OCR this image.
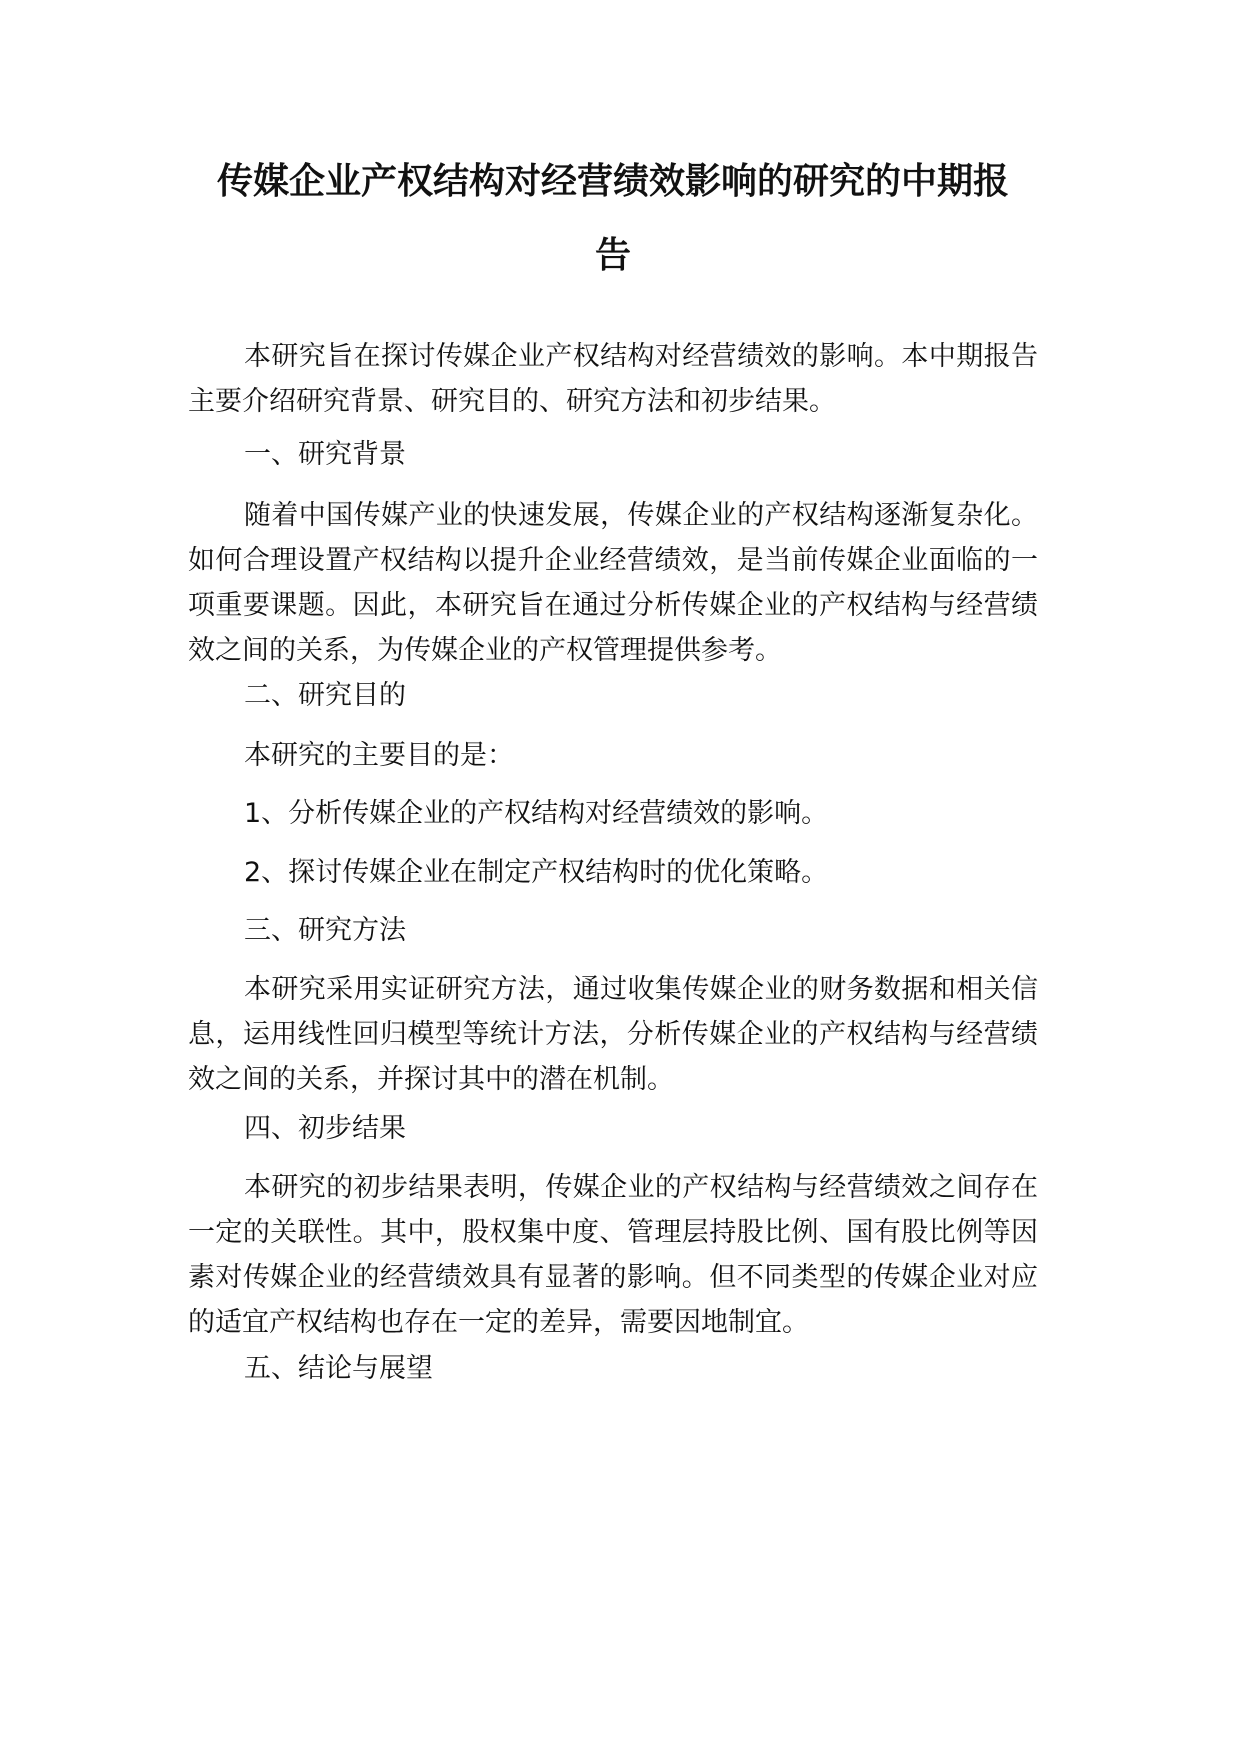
传媒企业产权结构对经营绩效影响的研究的中期报
告

本研究旨在探讨传媒企业产权结构对经营绩效的影响。本中期报告主要介绍研究背景、研究目的、研究方法和初步结果。

一、研究背景

随着中国传媒产业的快速发展，传媒企业的产权结构逐渐复杂化。如何合理设置产权结构以提升企业经营绩效，是当前传媒企业面临的一项重要课题。因此，本研究旨在通过分析传媒企业的产权结构与经营绩效之间的关系，为传媒企业的产权管理提供参考。

二、研究目的

本研究的主要目的是：

1、分析传媒企业的产权结构对经营绩效的影响。

2、探讨传媒企业在制定产权结构时的优化策略。

三、研究方法

本研究采用实证研究方法，通过收集传媒企业的财务数据和相关信息，运用线性回归模型等统计方法，分析传媒企业的产权结构与经营绩效之间的关系，并探讨其中的潜在机制。

四、初步结果

本研究的初步结果表明，传媒企业的产权结构与经营绩效之间存在一定的关联性。其中，股权集中度、管理层持股比例、国有股比例等因素对传媒企业的经营绩效具有显著的影响。但不同类型的传媒企业对应的适宜产权结构也存在一定的差异，需要因地制宜。

五、结论与展望
